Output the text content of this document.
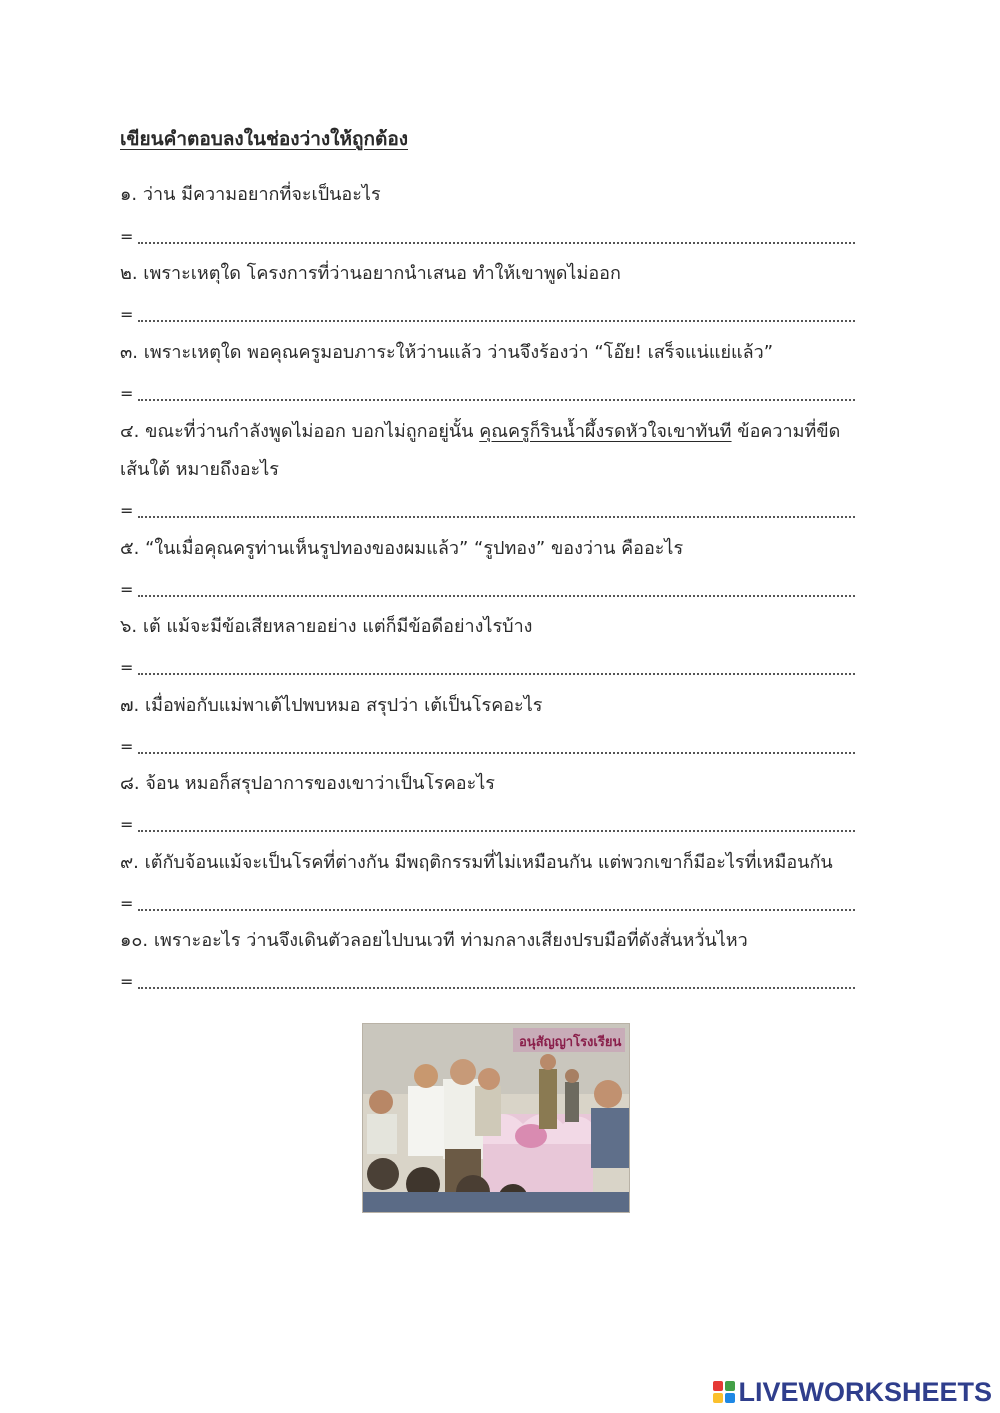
เขียนคำตอบลงในช่องว่างให้ถูกต้อง
๑. ว่าน มีความอยากที่จะเป็นอะไร
=
๒. เพราะเหตุใด โครงการที่ว่านอยากนำเสนอ ทำให้เขาพูดไม่ออก
=
๓. เพราะเหตุใด พอคุณครูมอบภาระให้ว่านแล้ว ว่านจึงร้องว่า “โอ๊ย! เสร็จแน่แย่แล้ว”
=
๔. ขณะที่ว่านกำลังพูดไม่ออก บอกไม่ถูกอยู่นั้น คุณครูก็รินน้ำผึ้งรดหัวใจเขาทันที ข้อความที่ขีดเส้นใต้ หมายถึงอะไร
=
๕. “ในเมื่อคุณครูท่านเห็นรูปทองของผมแล้ว” “รูปทอง” ของว่าน คืออะไร
=
๖. เต้ แม้จะมีข้อเสียหลายอย่าง แต่ก็มีข้อดีอย่างไรบ้าง
=
๗. เมื่อพ่อกับแม่พาเต้ไปพบหมอ สรุปว่า เต้เป็นโรคอะไร
=
๘. จ้อน หมอก็สรุปอาการของเขาว่าเป็นโรคอะไร
=
๙. เต้กับจ้อนแม้จะเป็นโรคที่ต่างกัน มีพฤติกรรมที่ไม่เหมือนกัน แต่พวกเขาก็มีอะไรที่เหมือนกัน
=
๑๐. เพราะอะไร ว่านจึงเดินตัวลอยไปบนเวที ท่ามกลางเสียงปรบมือที่ดังสั่นหวั่นไหว
=
อนุสัญญาโรงเรียน
LIVEWORKSHEETS
